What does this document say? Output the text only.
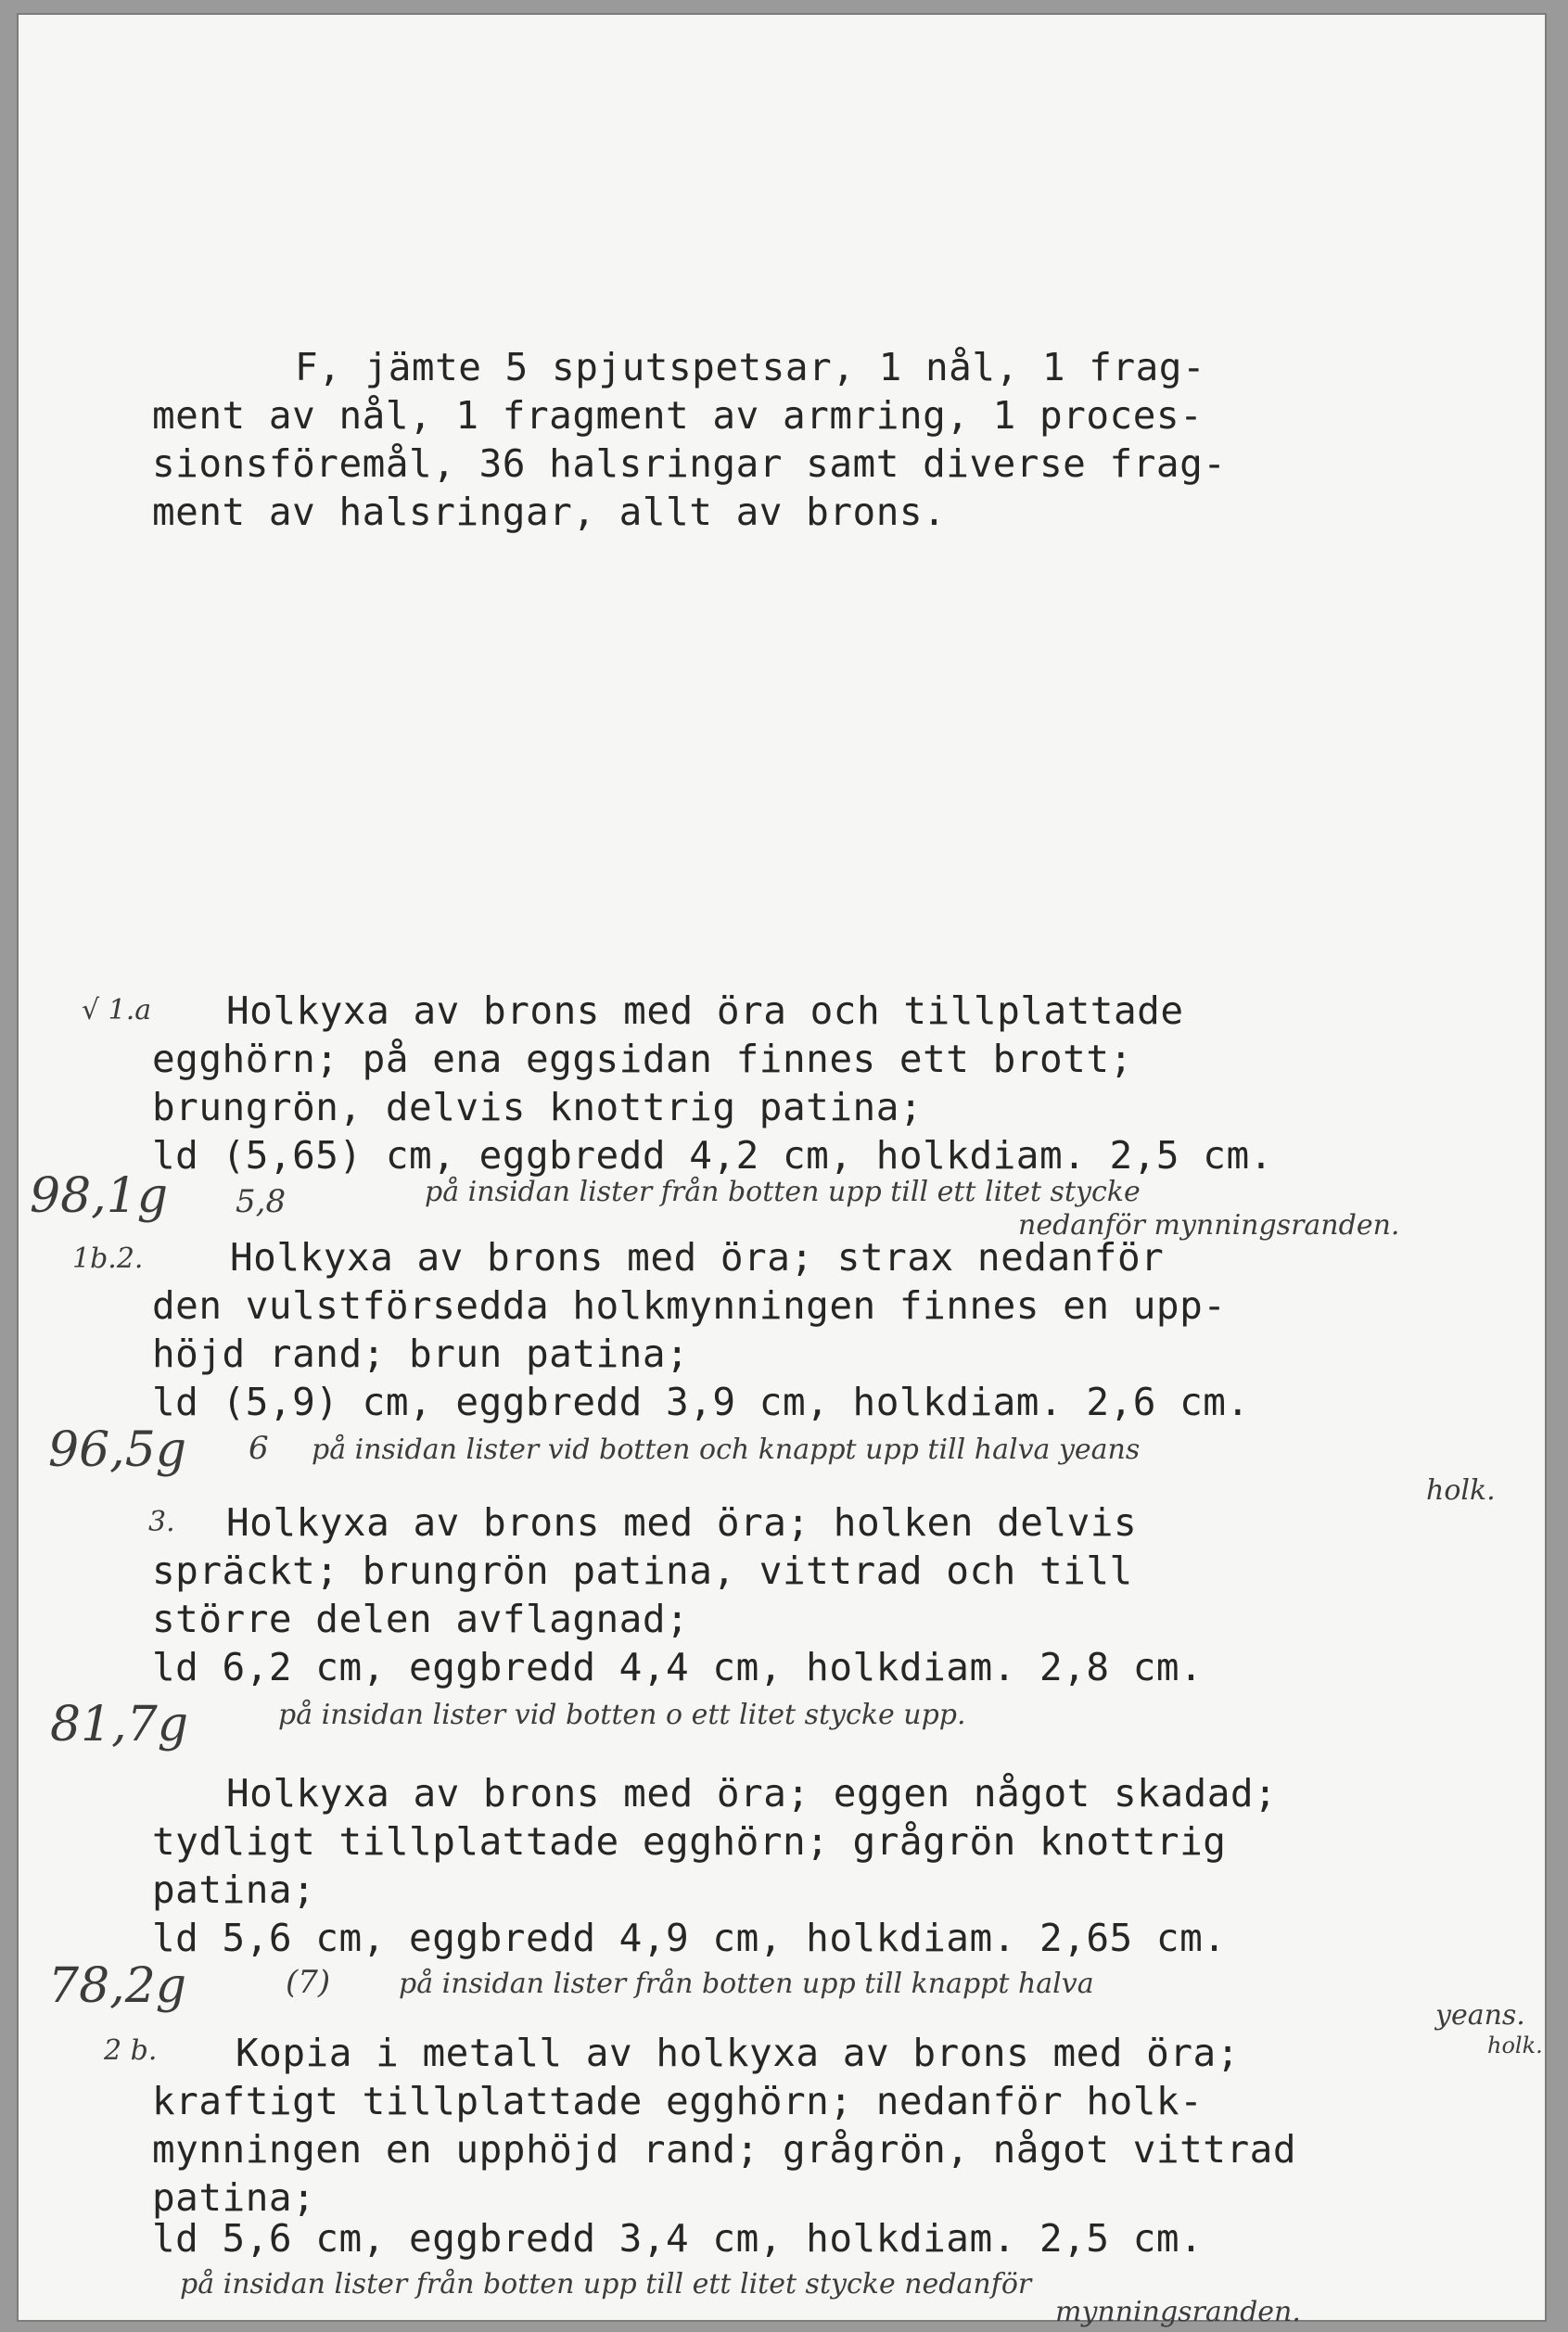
F, jämte 5 spjutspetsar, 1 nål, 1 frag-
ment av nål, 1 fragment av armring, 1 proces-
sionsföremål, 36 halsringar samt diverse frag-
ment av halsringar, allt av brons.
√ 1.a Holkyxa av brons med öra och tillplattade
egghörn; på ena eggsidan finnes ett brott;
brungrön, delvis knottrig patina;
ld (5,65) cm, eggbredd 4,2 cm, holkdiam. 2,5 cm.
98,1g 5,8	på insidan lister från botten upp till ett litet stycke
nedanför mynningsranden.
1b.2. Holkyxa av brons med öra; strax nedanför
den vulstförsedda holkmynningen finnes en upp-
höjd rand; brun patina;
ld (5,9) cm, eggbredd 3,9 cm, holkdiam. 2,6 cm.
96,5g 6 på insidan lister vid botten och knappt upp till halva yeans
holk.
3. Holkyxa av brons med öra; holken delvis
spräckt; brungrön patina, vittrad och till
större delen avflagnad;
ld 6,2 cm, eggbredd 4,4 cm, holkdiam. 2,8 cm.
81,7g	på insidan lister vid botten o ett litet stycke upp.
Holkyxa av brons med öra; eggen något skadad;
tydligt tillplattade egghörn; grågrön knottrig
patina;
ld 5,6 cm, eggbredd 4,9 cm, holkdiam. 2,65 cm.
78,2g	(7) på insidan lister från botten upp till knappt halva
yeans.
holk.
2 b. Kopia i metall av holkyxa av brons med öra;
kraftigt tillplattade egghörn; nedanför holk-
mynningen en upphöjd rand; grågrön, något vittrad
patina;
ld 5,6 cm, eggbredd 3,4 cm, holkdiam. 2,5 cm.
på insidan lister från botten upp till ett litet stycke nedanför
mynningsranden.
